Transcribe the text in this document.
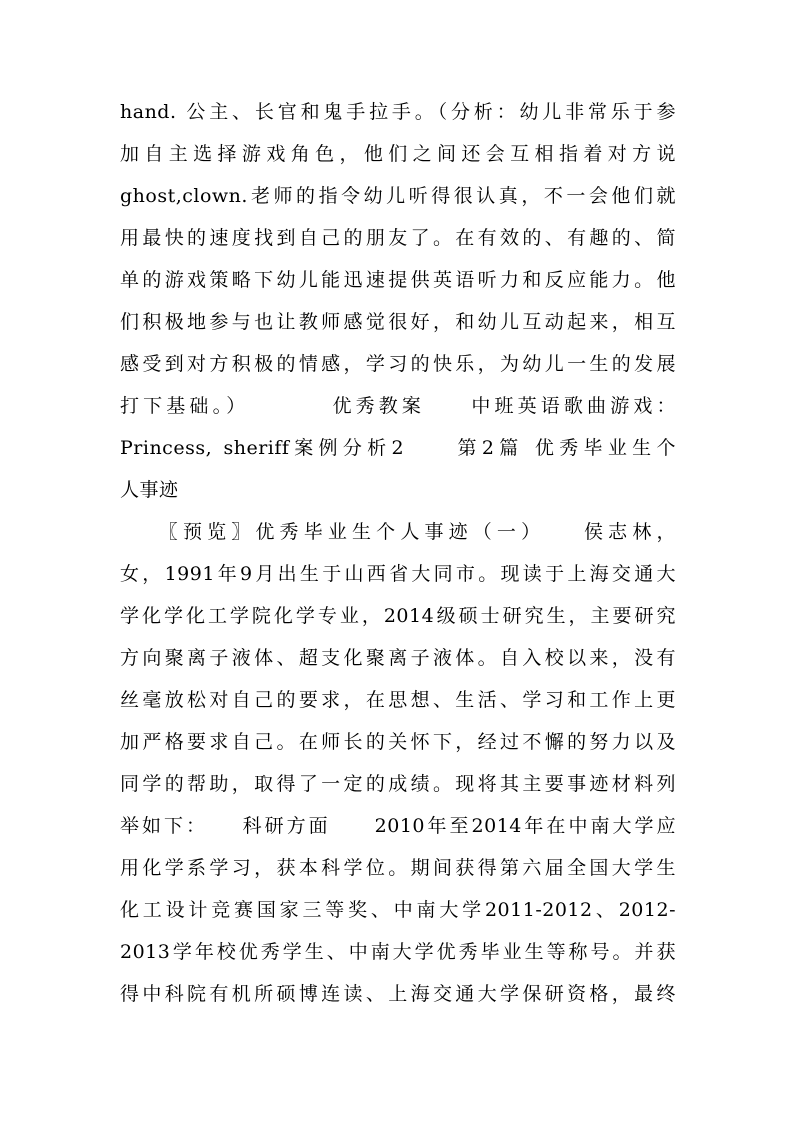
hand. 公主、长官和鬼手拉手。（分析：幼儿非常乐于参
加自主选择游戏角色，他们之间还会互相指着对方说
ghost,clown.老师的指令幼儿听得很认真，不一会他们就
用最快的速度找到自己的朋友了。在有效的、有趣的、简
单的游戏策略下幼儿能迅速提供英语听力和反应能力。他
们积极地参与也让教师感觉很好，和幼儿互动起来，相互
感受到对方积极的情感，学习的快乐，为幼儿一生的发展
打下基础。）　　　　优秀教案　　中班英语歌曲游戏：
Princess, sheriff案例分析2　　第2篇 优秀毕业生个
人事迹
　　〖预览〗优秀毕业生个人事迹（一）　　侯志林，
女，1991年9月出生于山西省大同市。现读于上海交通大
学化学化工学院化学专业，2014级硕士研究生，主要研究
方向聚离子液体、超支化聚离子液体。自入校以来，没有
丝毫放松对自己的要求，在思想、生活、学习和工作上更
加严格要求自己。在师长的关怀下，经过不懈的努力以及
同学的帮助，取得了一定的成绩。现将其主要事迹材料列
举如下：　　科研方面　　2010年至2014年在中南大学应
用化学系学习，获本科学位。期间获得第六届全国大学生
化工设计竞赛国家三等奖、中南大学2011-2012、2012-
2013学年校优秀学生、中南大学优秀毕业生等称号。并获
得中科院有机所硕博连读、上海交通大学保研资格，最终
